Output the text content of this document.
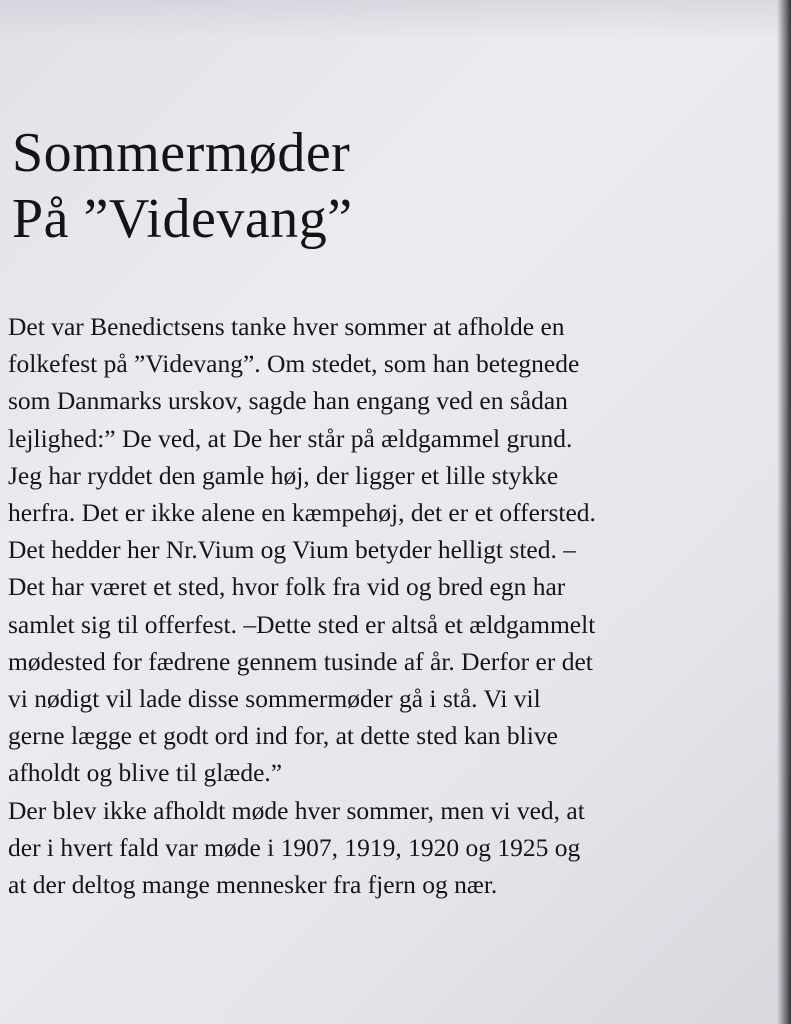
Sommermøder
På ”Videvang”

Det var Benedictsens tanke hver sommer at afholde en
folkefest på ”Videvang”. Om stedet, som han betegnede
som Danmarks urskov, sagde han engang ved en sådan
lejlighed:” De ved, at De her står på ældgammel grund.
Jeg har ryddet den gamle høj, der ligger et lille stykke
herfra. Det er ikke alene en kæmpehøj, det er et offersted.
Det hedder her Nr.Vium og Vium betyder helligt sted. –
Det har været et sted, hvor folk fra vid og bred egn har
samlet sig til offerfest. –Dette sted er altså et ældgammelt
mødested for fædrene gennem tusinde af år. Derfor er det
vi nødigt vil lade disse sommermøder gå i stå. Vi vil
gerne lægge et godt ord ind for, at dette sted kan blive
afholdt og blive til glæde.”
Der blev ikke afholdt møde hver sommer, men vi ved, at
der i hvert fald var møde i 1907, 1919, 1920 og 1925 og
at der deltog mange mennesker fra fjern og nær.
